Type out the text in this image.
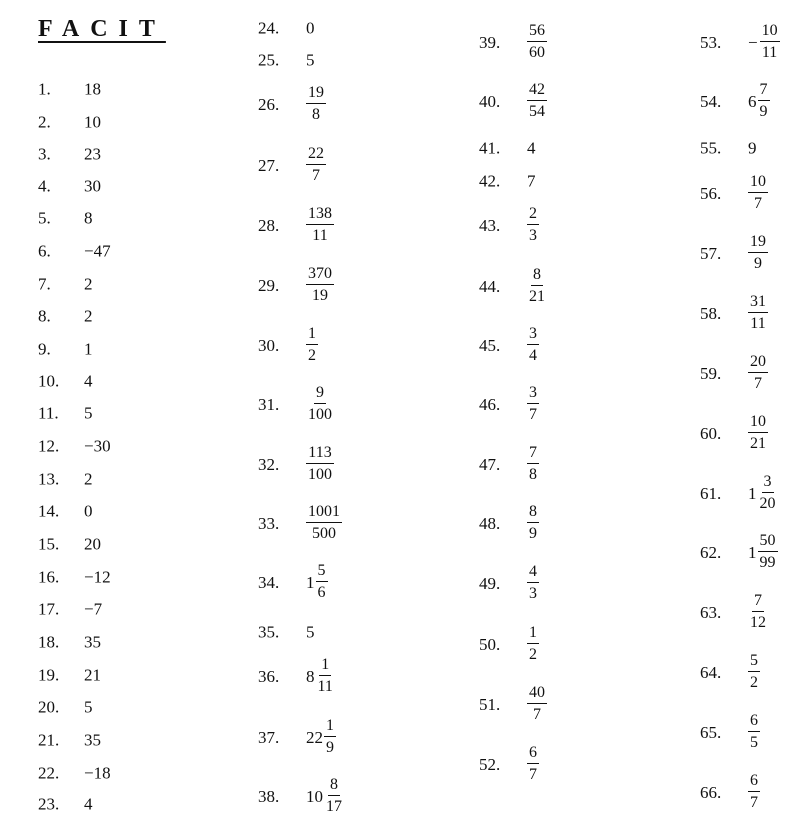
FACIT
1.	18
2.	10
3.	23
4.	30
5.	8
6.	−47
7.	2
8.	2
9.	1
10.	4
11.	5
12.	−30
13.	2
14.	0
15.	20
16.	−12
17.	−7
18.	35
19.	21
20.	5
21.	35
22.	−18
23.	4
24.	0
25.	5
26.	$\frac{19}{8}$
27.	$\frac{22}{7}$
28.	$\frac{138}{11}$
29.	$\frac{370}{19}$
30.	$\frac{1}{2}$
31.	$\frac{9}{100}$
32.	$\frac{113}{100}$
33.	$\frac{1001}{500}$
34.	$1 \frac{5}{6}$
35.	5
36.	$8 \frac{1}{11}$
37.	$22 \frac{1}{9}$
38.	$10 \frac{8}{17}$
39.	$\frac{56}{60}$
40.	$\frac{42}{54}$
41.	4
42.	7
43.	$\frac{2}{3}$
44.	$\frac{8}{21}$
45.	$\frac{3}{4}$
46.	$\frac{3}{7}$
47.	$\frac{7}{8}$
48.	$\frac{8}{9}$
49.	$\frac{4}{3}$
50.	$\frac{1}{2}$
51.	$\frac{40}{7}$
52.	$\frac{6}{7}$
53.	− $\frac{10}{11}$
54.	$6 \frac{7}{9}$
55.	9
56.	$\frac{10}{7}$
57.	$\frac{19}{9}$
58.	$\frac{31}{11}$
59.	$\frac{20}{7}$
60.	$\frac{10}{21}$
61.	$1 \frac{3}{20}$
62.	$1 \frac{50}{99}$
63.	$\frac{7}{12}$
64.	$\frac{5}{2}$
65.	$\frac{6}{5}$
66.	$\frac{6}{7}$
